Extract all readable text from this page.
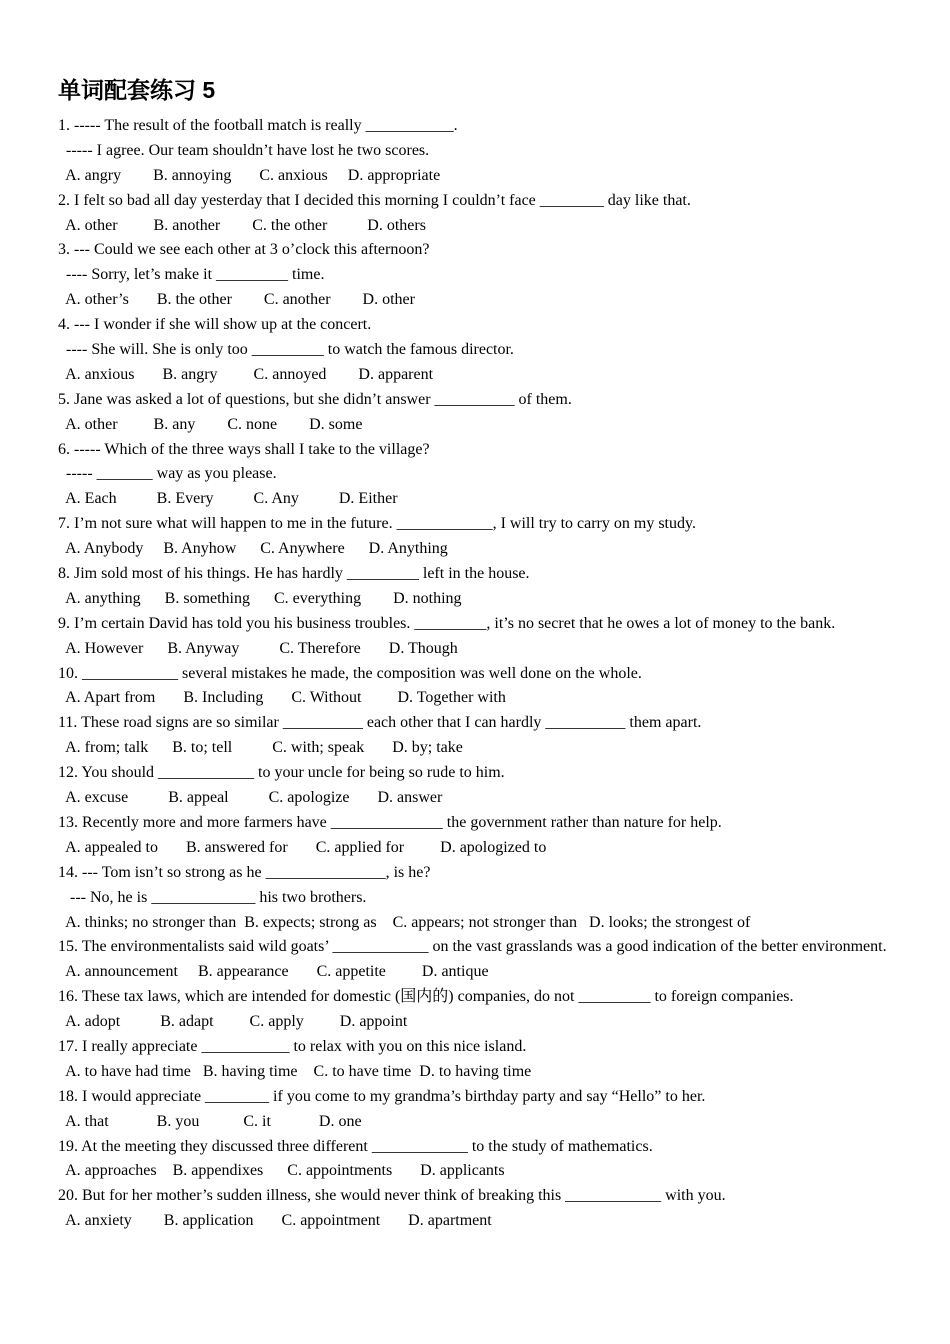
单词配套练习 5
1. ----- The result of the football match is really ___________.
----- I agree. Our team shouldn’t have lost he two scores.
A. angry        B. annoying       C. anxious     D. appropriate
2. I felt so bad all day yesterday that I decided this morning I couldn’t face ________ day like that.
A. other         B. another        C. the other          D. others
3. --- Could we see each other at 3 o’clock this afternoon?
---- Sorry, let’s make it _________ time.
A. other’s       B. the other        C. another        D. other
4. --- I wonder if she will show up at the concert.
---- She will. She is only too _________ to watch the famous director.
A. anxious       B. angry         C. annoyed        D. apparent
5. Jane was asked a lot of questions, but she didn’t answer __________ of them.
A. other         B. any        C. none        D. some
6. ----- Which of the three ways shall I take to the village?
----- _______ way as you please.
A. Each          B. Every          C. Any          D. Either
7. I’m not sure what will happen to me in the future. ____________, I will try to carry on my study.
A. Anybody     B. Anyhow      C. Anywhere      D. Anything
8. Jim sold most of his things. He has hardly _________ left in the house.
A. anything      B. something      C. everything        D. nothing
9. I’m certain David has told you his business troubles. _________, it’s no secret that he owes a lot of money to the bank.
A. However      B. Anyway          C. Therefore       D. Though
10. ____________ several mistakes he made, the composition was well done on the whole.
A. Apart from       B. Including       C. Without         D. Together with
11. These road signs are so similar __________ each other that I can hardly __________ them apart.
A. from; talk      B. to; tell          C. with; speak       D. by; take
12. You should ____________ to your uncle for being so rude to him.
A. excuse          B. appeal          C. apologize       D. answer
13. Recently more and more farmers have ______________ the government rather than nature for help.
A. appealed to       B. answered for       C. applied for         D. apologized to
14. --- Tom isn’t so strong as he _______________, is he?
--- No, he is _____________ his two brothers.
A. thinks; no stronger than  B. expects; strong as    C. appears; not stronger than   D. looks; the strongest of
15. The environmentalists said wild goats’ ____________ on the vast grasslands was a good indication of the better environment.
A. announcement     B. appearance       C. appetite         D. antique
16. These tax laws, which are intended for domestic (国内的) companies, do not _________ to foreign companies.
A. adopt          B. adapt         C. apply         D. appoint
17. I really appreciate ___________ to relax with you on this nice island.
A. to have had time   B. having time    C. to have time  D. to having time
18. I would appreciate ________ if you come to my grandma’s birthday party and say “Hello” to her.
A. that            B. you           C. it            D. one
19. At the meeting they discussed three different ____________ to the study of mathematics.
A. approaches    B. appendixes      C. appointments       D. applicants
20. But for her mother’s sudden illness, she would never think of breaking this ____________ with you.
A. anxiety        B. application       C. appointment       D. apartment
